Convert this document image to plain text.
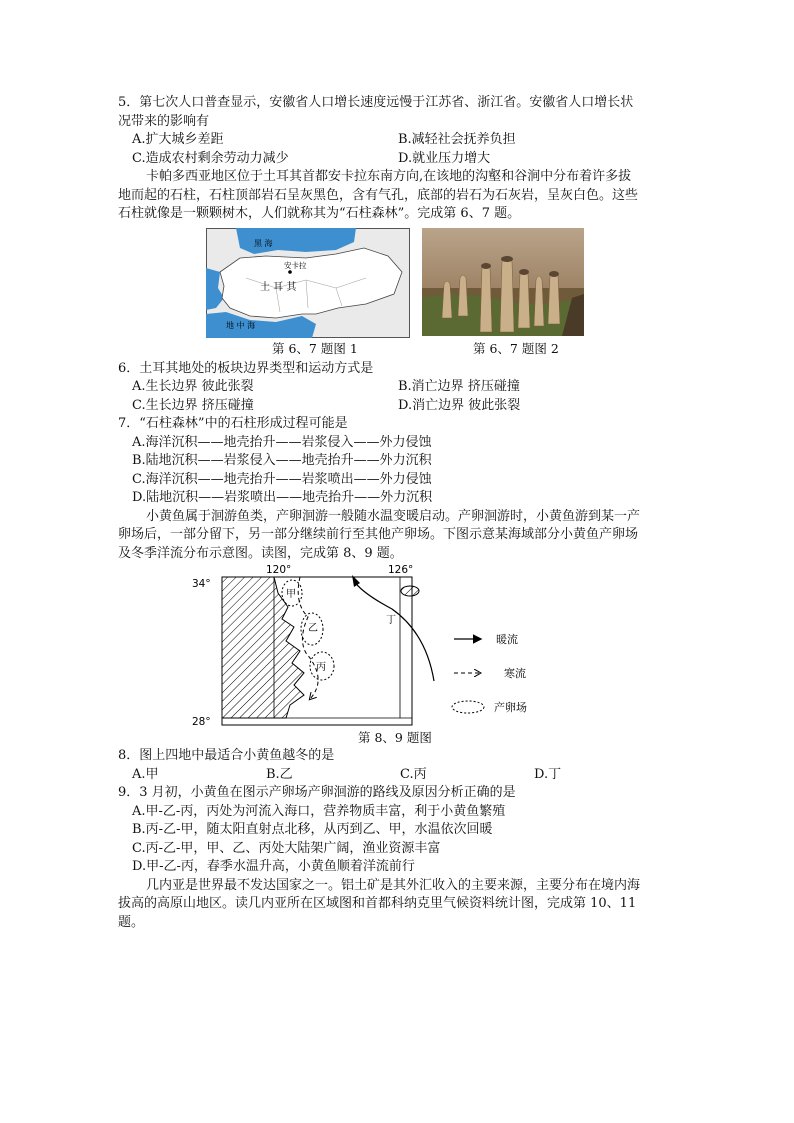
5．第七次人口普查显示，安徽省人口增长速度远慢于江苏省、浙江省。安徽省人口增长状
况带来的影响有
A.扩大城乡差距	B.减轻社会抚养负担
C.造成农村剩余劳动力减少	D.就业压力增大
卡帕多西亚地区位于土耳其首都安卡拉东南方向,在该地的沟壑和谷涧中分布着许多拔
地而起的石柱，石柱顶部岩石呈灰黑色，含有气孔，底部的岩石为石灰岩，呈灰白色。这些
石柱就像是一颗颗树木，人们就称其为“石柱森林”。完成第 6、7 题。
黑 海
安卡拉
土 耳 其
地 中 海
第 6、7 题图 1	第 6、7 题图 2
6．土耳其地处的板块边界类型和运动方式是
A.生长边界 彼此张裂	B.消亡边界 挤压碰撞
C.生长边界 挤压碰撞	D.消亡边界 彼此张裂
7．“石柱森林”中的石柱形成过程可能是
A.海洋沉积——地壳抬升——岩浆侵入——外力侵蚀
B.陆地沉积——岩浆侵入——地壳抬升——外力沉积
C.海洋沉积——地壳抬升——岩浆喷出——外力侵蚀
D.陆地沉积——岩浆喷出——地壳抬升——外力沉积
小黄鱼属于洄游鱼类，产卵洄游一般随水温变暖启动。产卵洄游时，小黄鱼游到某一产
卵场后，一部分留下，另一部分继续前行至其他产卵场。下图示意某海域部分小黄鱼产卵场
及冬季洋流分布示意图。读图，完成第 8、9 题。
120°	126°
34°
28°
甲
乙
丙
丁
暖流
寒流
产卵场
第 8、9 题图
8．图上四地中最适合小黄鱼越冬的是
A.甲	B.乙	C.丙	D.丁
9．3 月初，小黄鱼在图示产卵场产卵洄游的路线及原因分析正确的是
A.甲-乙-丙，丙处为河流入海口，营养物质丰富，利于小黄鱼繁殖
B.丙-乙-甲，随太阳直射点北移，从丙到乙、甲，水温依次回暖
C.丙-乙-甲，甲、乙、丙处大陆架广阔，渔业资源丰富
D.甲-乙-丙，春季水温升高，小黄鱼顺着洋流前行
几内亚是世界最不发达国家之一。铝土矿是其外汇收入的主要来源，主要分布在境内海
拔高的高原山地区。读几内亚所在区域图和首都科纳克里气候资料统计图，完成第 10、11
题。
